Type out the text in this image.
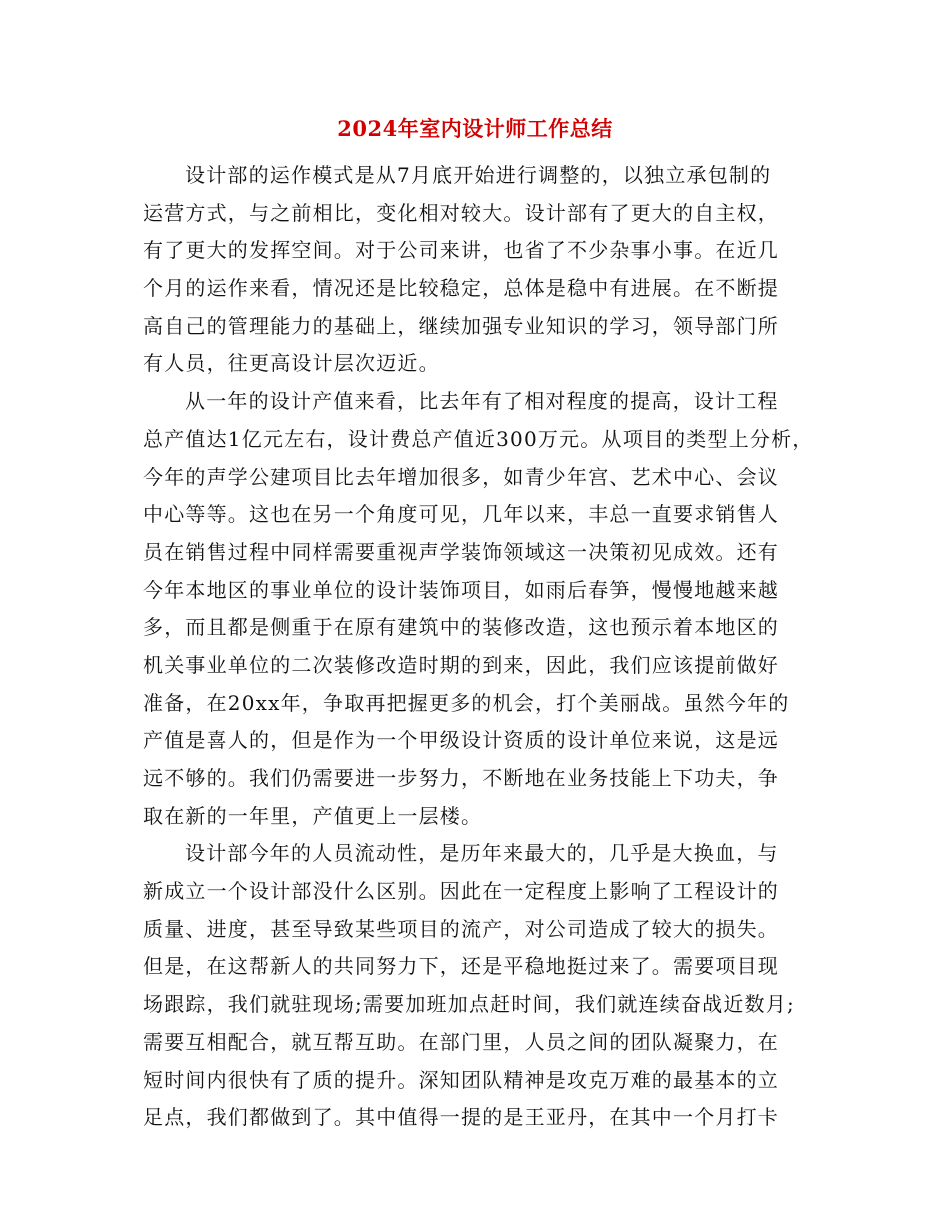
2024年室内设计师工作总结
设计部的运作模式是从7月底开始进行调整的，以独立承包制的
运营方式，与之前相比，变化相对较大。设计部有了更大的自主权，
有了更大的发挥空间。对于公司来讲，也省了不少杂事小事。在近几
个月的运作来看，情况还是比较稳定，总体是稳中有进展。在不断提
高自己的管理能力的基础上，继续加强专业知识的学习，领导部门所
有人员，往更高设计层次迈近。
从一年的设计产值来看，比去年有了相对程度的提高，设计工程
总产值达1亿元左右，设计费总产值近300万元。从项目的类型上分析，
今年的声学公建项目比去年增加很多，如青少年宫、艺术中心、会议
中心等等。这也在另一个角度可见，几年以来，丰总一直要求销售人
员在销售过程中同样需要重视声学装饰领域这一决策初见成效。还有
今年本地区的事业单位的设计装饰项目，如雨后春笋，慢慢地越来越
多，而且都是侧重于在原有建筑中的装修改造，这也预示着本地区的
机关事业单位的二次装修改造时期的到来，因此，我们应该提前做好
准备，在20xx年，争取再把握更多的机会，打个美丽战。虽然今年的
产值是喜人的，但是作为一个甲级设计资质的设计单位来说，这是远
远不够的。我们仍需要进一步努力，不断地在业务技能上下功夫，争
取在新的一年里，产值更上一层楼。
设计部今年的人员流动性，是历年来最大的，几乎是大换血，与
新成立一个设计部没什么区别。因此在一定程度上影响了工程设计的
质量、进度，甚至导致某些项目的流产，对公司造成了较大的损失。
但是，在这帮新人的共同努力下，还是平稳地挺过来了。需要项目现
场跟踪，我们就驻现场;需要加班加点赶时间，我们就连续奋战近数月;
需要互相配合，就互帮互助。在部门里，人员之间的团队凝聚力，在
短时间内很快有了质的提升。深知团队精神是攻克万难的最基本的立
足点，我们都做到了。其中值得一提的是王亚丹，在其中一个月打卡
